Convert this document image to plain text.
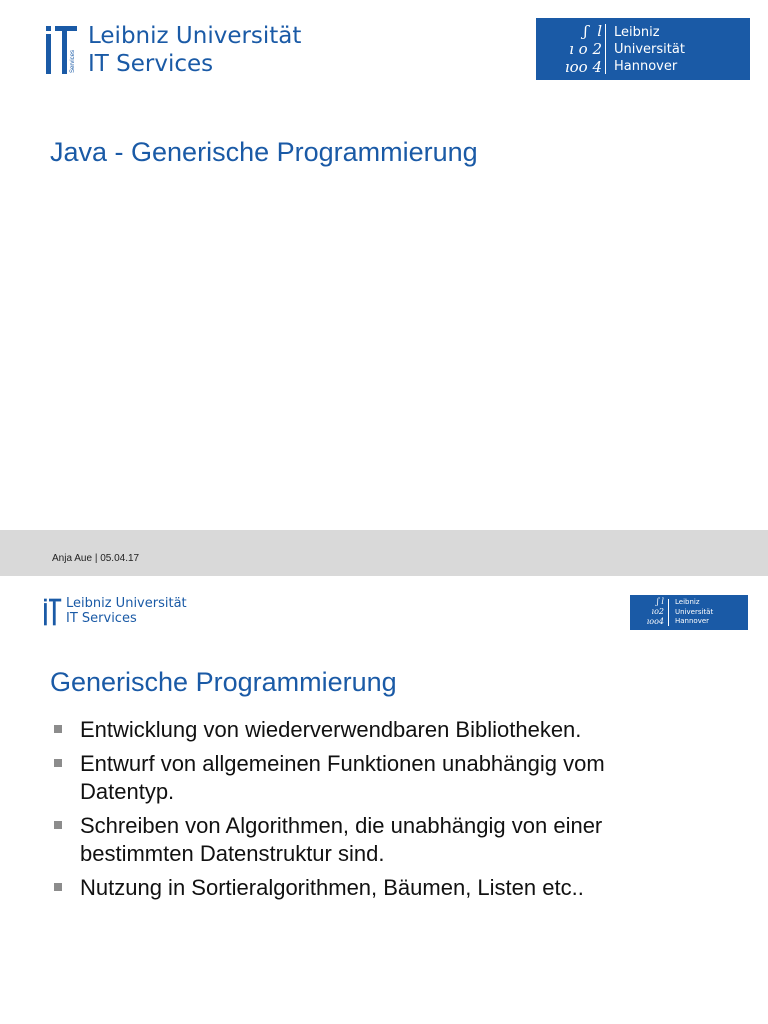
Services
Leibniz Universität
IT Services
ʃ  l
ı o 2
ıoo 4
Leibniz
Universität
Hannover
Java - Generische Programmierung
Anja Aue | 05.04.17
Leibniz Universität
IT Services
ʃ l
ıo2
ıoo4
Leibniz
Universität
Hannover
Generische Programmierung
Entwicklung von wiederverwendbaren Bibliotheken.
Entwurf von allgemeinen Funktionen unabhängig vom Datentyp.
Schreiben von Algorithmen, die unabhängig von einer bestimmten Datenstruktur sind.
Nutzung in Sortieralgorithmen, Bäumen, Listen etc..
